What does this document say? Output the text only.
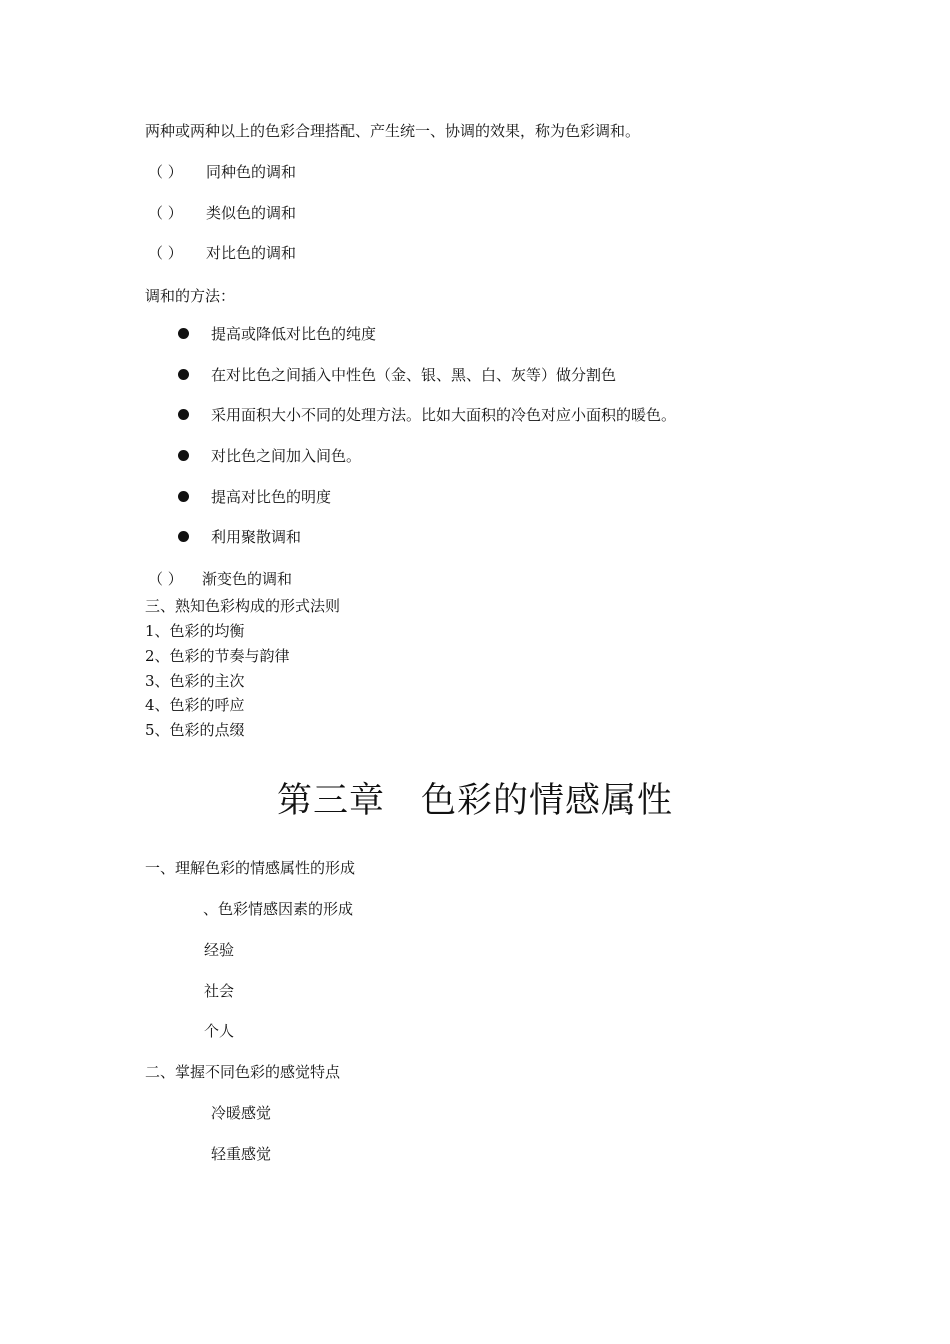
两种或两种以上的色彩合理搭配、产生统一、协调的效果，称为色彩调和。
（ ） 同种色的调和
（ ） 类似色的调和
（ ） 对比色的调和
调和的方法：
提高或降低对比色的纯度
在对比色之间插入中性色（金、银、黑、白、灰等）做分割色
采用面积大小不同的处理方法。比如大面积的冷色对应小面积的暖色。
对比色之间加入间色。
提高对比色的明度
利用聚散调和
（ ） 渐变色的调和
三、熟知色彩构成的形式法则
1、色彩的均衡
2、色彩的节奏与韵律
3、色彩的主次
4、色彩的呼应
5、色彩的点缀
第三章　色彩的情感属性
一、理解色彩的情感属性的形成
、色彩情感因素的形成
经验
社会
个人
二、掌握不同色彩的感觉特点
冷暖感觉
轻重感觉
